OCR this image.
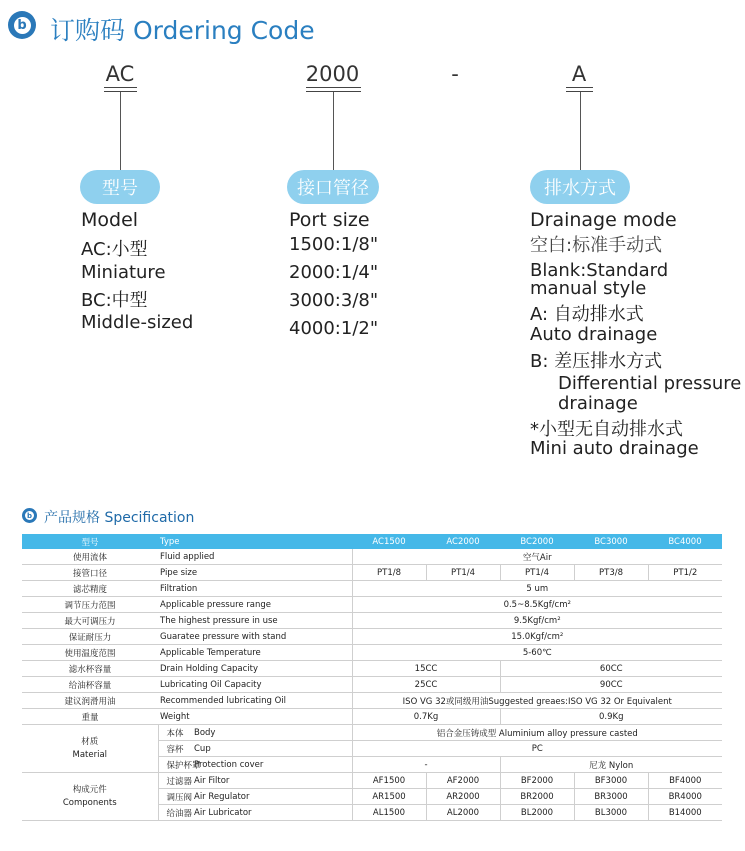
b 订购码 Ordering Code
AC	2000	-	A
型号	接口管径	排水方式
Model
AC:小型
Miniature
BC:中型
Middle-sized
Port size
1500:1/8"
2000:1/4"
3000:3/8"
4000:1/2"
Drainage mode
空白:标准手动式
Blank:Standard
manual style
A: 自动排水式
Auto drainage
B: 差压排水方式
Differential pressure
drainage
*小型无自动排水式
Mini auto drainage
b 产品规格 Specification
型号	Type		AC1500	AC2000	BC2000	BC3000	BC4000
使用流体	Fluid applied		空气Air				
接管口径	Pipe size		PT1/8	PT1/4	PT1/4	PT3/8	PT1/2
滤芯精度	Filtration		5 um				
调节压力范围	Applicable pressure range		0.5~8.5Kgf/cm²				
最大可调压力	The highest pressure in use		9.5Kgf/cm²				
保证耐压力	Guaratee pressure with stand		15.0Kgf/cm²				
使用温度范围	Applicable Temperature		5-60℃				
滤水杯容量	Drain Holding Capacity		15CC		60CC		
给油杯容量	Lubricating Oil Capacity		25CC		90CC		
建议润滑用油	Recommended lubricating Oil		ISO VG 32或同级用油Suggested greaes:ISO VG 32 Or Equivalent				
重量	Weight		0.7Kg		0.9Kg		

材质
Material	本体	Body	铝合金压铸成型 Aluminium alloy pressure casted				
	容杯	Cup	PC				
	保护杯罩	Protection cover	-		尼龙 Nylon		

构成元件
Components	过滤器	Air Filtor	AF1500	AF2000	BF2000	BF3000	BF4000
	调压阀	Air Regulator	AR1500	AR2000	BR2000	BR3000	BR4000
	给油器	Air Lubricator	AL1500	AL2000	BL2000	BL3000	B14000
